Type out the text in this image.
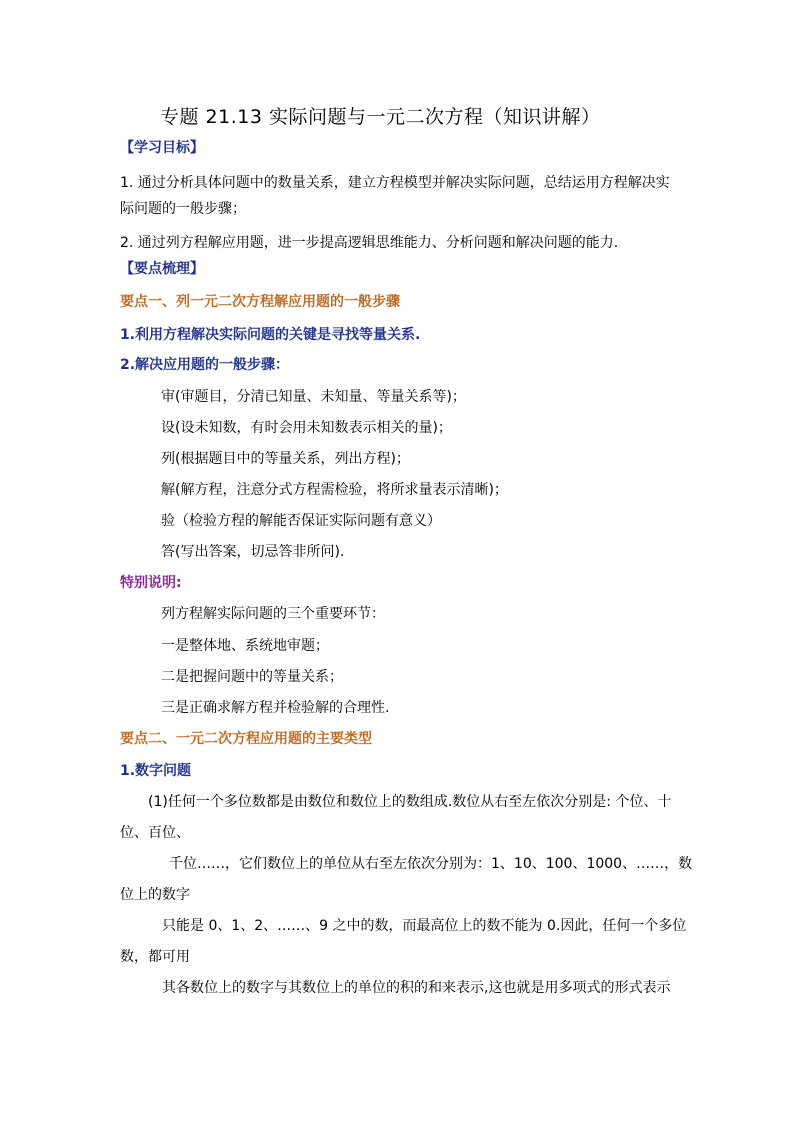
专题 21.13 实际问题与一元二次方程（知识讲解）
【学习目标】
1. 通过分析具体问题中的数量关系，建立方程模型并解决实际问题，总结运用方程解决实
际问题的一般步骤；
2. 通过列方程解应用题，进一步提高逻辑思维能力、分析问题和解决问题的能力.
【要点梳理】
要点一、列一元二次方程解应用题的一般步骤
1.利用方程解决实际问题的关键是寻找等量关系.
2.解决应用题的一般步骤：
审(审题目，分清已知量、未知量、等量关系等)；
设(设未知数，有时会用未知数表示相关的量)；
列(根据题目中的等量关系，列出方程)；
解(解方程，注意分式方程需检验，将所求量表示清晰)；
验（检验方程的解能否保证实际问题有意义）
答(写出答案，切忌答非所问).
特别说明:
列方程解实际问题的三个重要环节：
一是整体地、系统地审题；
二是把握问题中的等量关系；
三是正确求解方程并检验解的合理性.
要点二、一元二次方程应用题的主要类型
1.数字问题
(1)任何一个多位数都是由数位和数位上的数组成.数位从右至左依次分别是: 个位、十
位、百位、
千位……，它们数位上的单位从右至左依次分别为：1、10、100、1000、……，数
位上的数字
只能是 0、1、2、……、9 之中的数，而最高位上的数不能为 0.因此，任何一个多位
数，都可用
其各数位上的数字与其数位上的单位的积的和来表示,这也就是用多项式的形式表示
